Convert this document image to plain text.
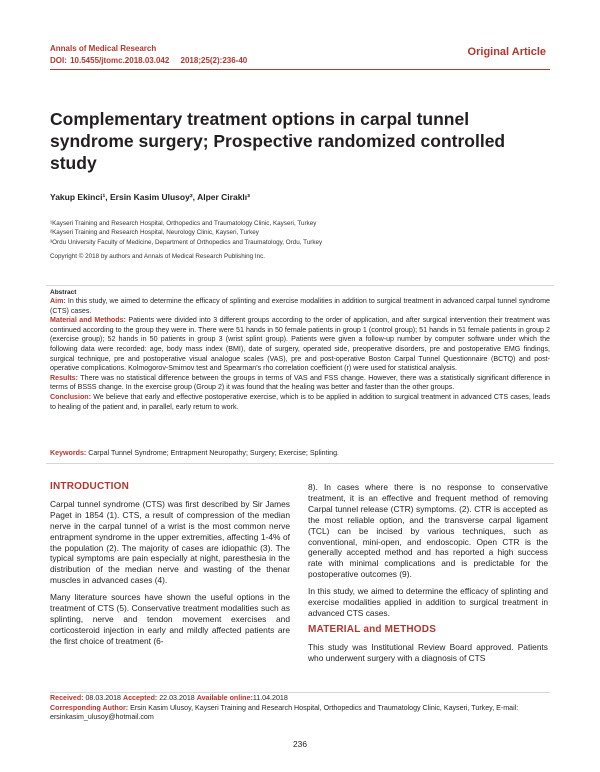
Annals of Medical Research
DOI: 10.5455/jtomc.2018.03.042 2018;25(2):236-40
Original Article
Complementary treatment options in carpal tunnel syndrome surgery; Prospective randomized controlled study
Yakup Ekinci¹, Ersin Kasim Ulusoy², Alper Ciraklı³
¹Kayseri Training and Research Hospital, Orthopedics and Traumatology Clinic, Kayseri, Turkey
²Kayseri Training and Research Hospital, Neurology Clinic, Kayseri, Turkey
³Ordu University Faculty of Medicine, Department of Orthopedics and Traumatology, Ordu, Turkey
Copyright © 2018 by authors and Annals of Medical Research Publishing Inc.
Abstract

Aim: In this study, we aimed to determine the efficacy of splinting and exercise modalities in addition to surgical treatment in advanced carpal tunnel syndrome (CTS) cases.

Material and Methods: Patients were divided into 3 different groups according to the order of application, and after surgical intervention their treatment was continued according to the group they were in. There were 51 hands in 50 female patients in group 1 (control group); 51 hands in 51 female patients in group 2 (exercise group); 52 hands in 50 patients in group 3 (wrist splint group). Patients were given a follow-up number by computer software under which the following data were recorded: age, body mass index (BMI), date of surgery, operated side, preoperative disorders, pre and postoperative EMG findings, surgical technique, pre and postoperative visual analogue scales (VAS), pre and post-operative Boston Carpal Tunnel Questionnaire (BCTQ) and post-operative complications. Kolmogorov-Smirnov test and Spearman's rho correlation coefficient (r) were used for statistical analysis.

Results: There was no statistical difference between the groups in terms of VAS and FSS change. However, there was a statistically significant difference in terms of BSSS change. In the exercise group (Group 2) it was found that the healing was better and faster than the other groups.

Conclusion: We believe that early and effective postoperative exercise, which is to be applied in addition to surgical treatment in advanced CTS cases, leads to healing of the patient and, in parallel, early return to work.

Keywords: Carpal Tunnel Syndrome; Entrapment Neuropathy; Surgery; Exercise; Splinting.
INTRODUCTION

Carpal tunnel syndrome (CTS) was first described by Sir James Paget in 1854 (1). CTS, a result of compression of the median nerve in the carpal tunnel of a wrist is the most common nerve entrapment syndrome in the upper extremities, affecting 1-4% of the population (2). The majority of cases are idiopathic (3). The typical symptoms are pain especially at night, paresthesia in the distribution of the median nerve and wasting of the thenar muscles in advanced cases (4).

Many literature sources have shown the useful options in the treatment of CTS (5). Conservative treatment modalities such as splinting, nerve and tendon movement exercises and corticosteroid injection in early and mildly affected patients are the first choice of treatment (6-

8). In cases where there is no response to conservative treatment, it is an effective and frequent method of removing Carpal tunnel release (CTR) symptoms. (2). CTR is accepted as the most reliable option, and the transverse carpal ligament (TCL) can be incised by various techniques, such as conventional, mini-open, and endoscopic. Open CTR is the generally accepted method and has reported a high success rate with minimal complications and is predictable for the postoperative outcomes (9).

In this study, we aimed to determine the efficacy of splinting and exercise modalities applied in addition to surgical treatment in advanced CTS cases.

MATERIAL and METHODS

This study was Institutional Review Board approved. Patients who underwent surgery with a diagnosis of CTS

Received: 08.03.2018 Accepted: 22.03.2018 Available online:11.04.2018
Corresponding Author: Ersin Kasim Ulusoy, Kayseri Training and Research Hospital, Orthopedics and Traumatology Clinic, Kayseri, Turkey, E-mail: ersinkasim_ulusoy@hotmail.com
236
